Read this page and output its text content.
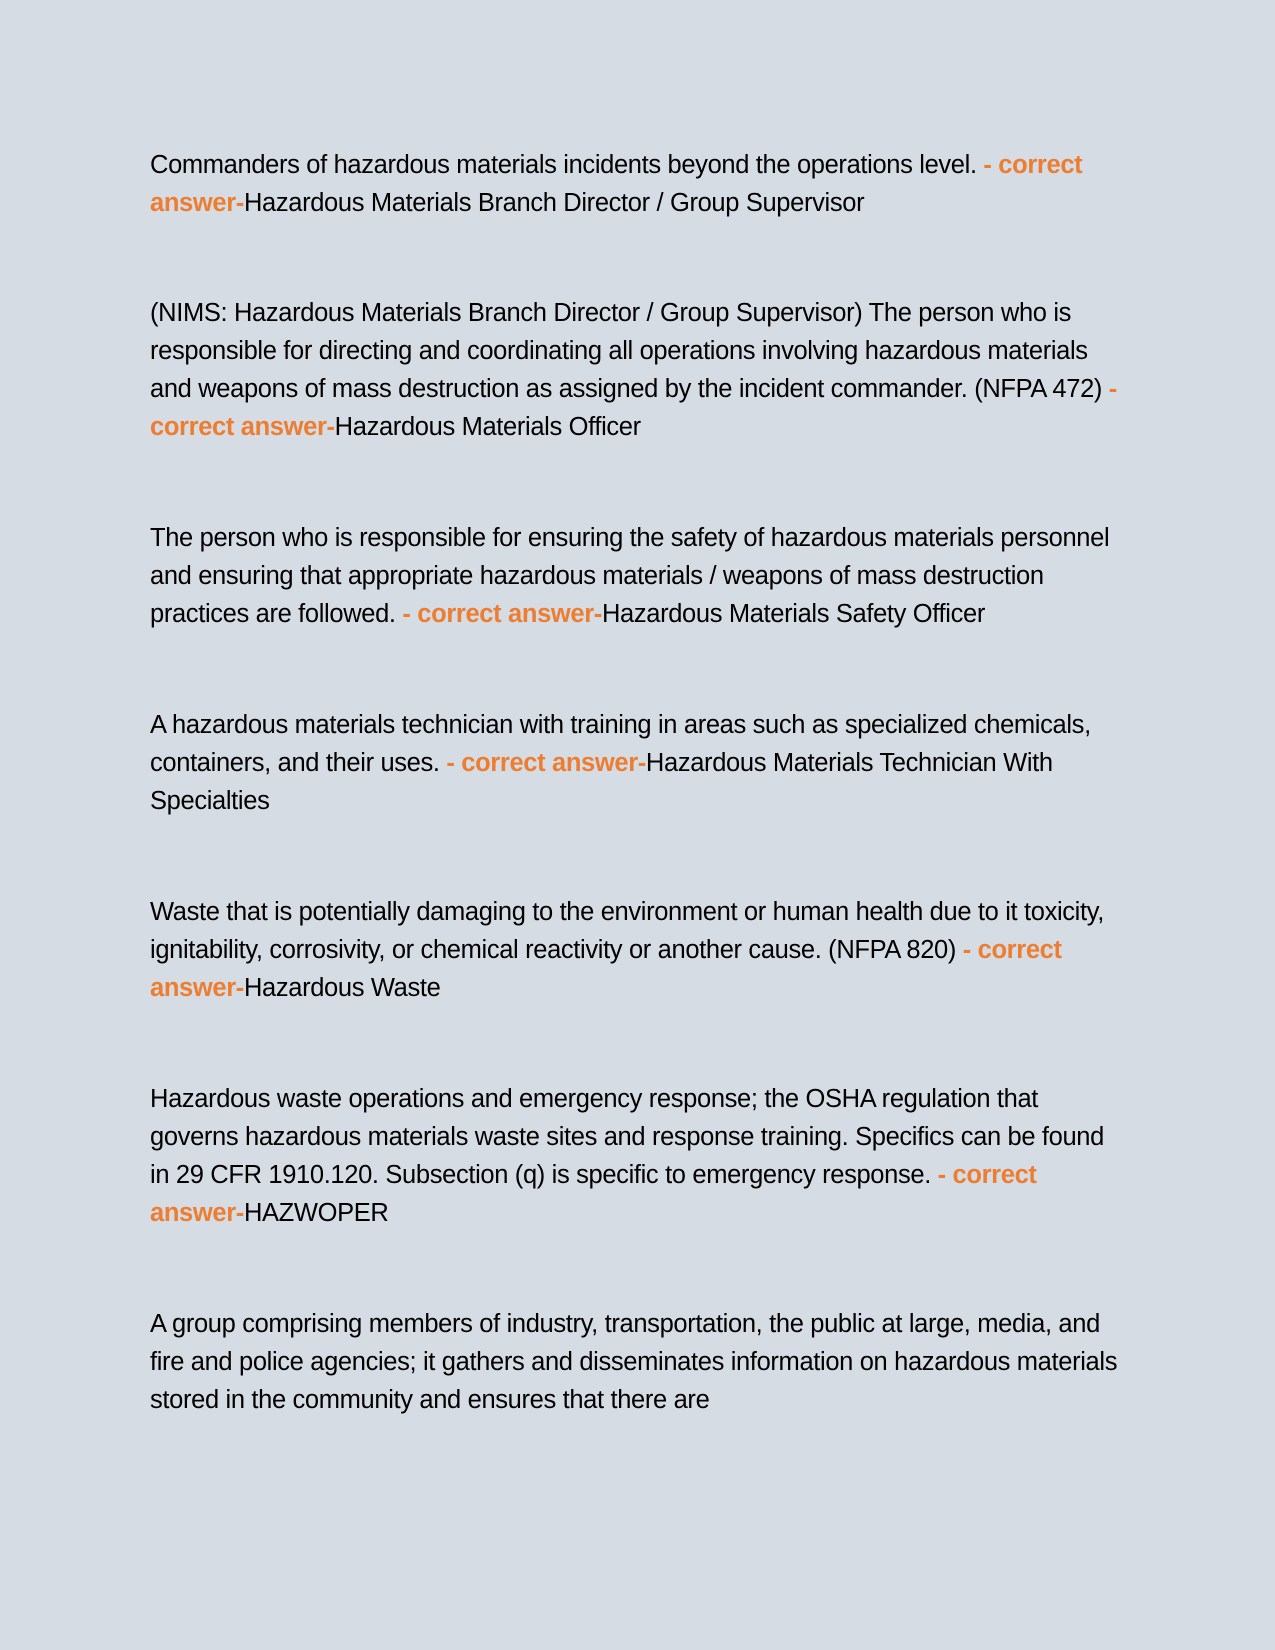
Commanders of hazardous materials incidents beyond the operations level. - correct answer-Hazardous Materials Branch Director / Group Supervisor

(NIMS: Hazardous Materials Branch Director / Group Supervisor) The person who is responsible for directing and coordinating all operations involving hazardous materials and weapons of mass destruction as assigned by the incident commander. (NFPA 472) - correct answer-Hazardous Materials Officer

The person who is responsible for ensuring the safety of hazardous materials personnel and ensuring that appropriate hazardous materials / weapons of mass destruction practices are followed. - correct answer-Hazardous Materials Safety Officer

A hazardous materials technician with training in areas such as specialized chemicals, containers, and their uses. - correct answer-Hazardous Materials Technician With Specialties

Waste that is potentially damaging to the environment or human health due to it toxicity, ignitability, corrosivity, or chemical reactivity or another cause. (NFPA 820) - correct answer-Hazardous Waste

Hazardous waste operations and emergency response; the OSHA regulation that governs hazardous materials waste sites and response training. Specifics can be found in 29 CFR 1910.120. Subsection (q) is specific to emergency response. - correct answer-HAZWOPER

A group comprising members of industry, transportation, the public at large, media, and fire and police agencies; it gathers and disseminates information on hazardous materials stored in the community and ensures that there are
